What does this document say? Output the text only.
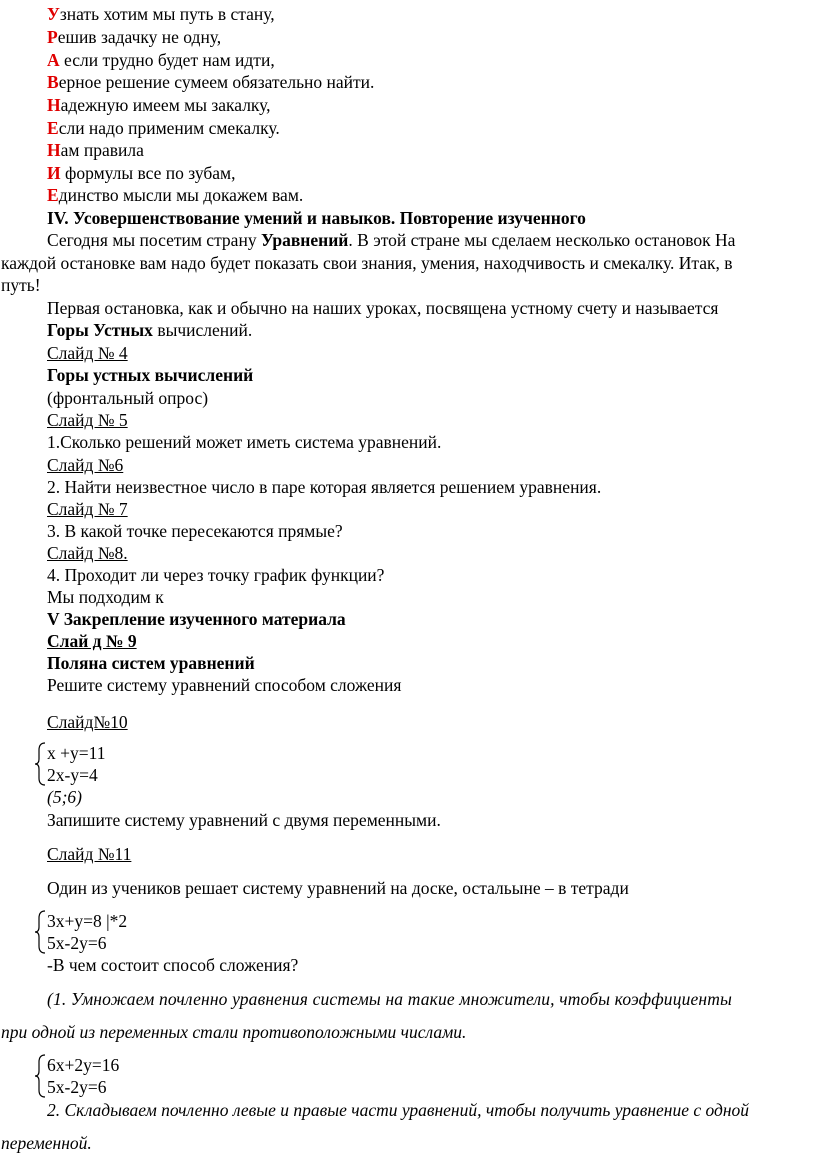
Узнать хотим мы путь в стану,
Решив задачку не одну,
А если трудно будет нам идти,
Верное решение сумеем обязательно найти.
Надежную имеем мы закалку,
Если надо применим смекалку.
Нам правила
И формулы все по зубам,
Единство мысли мы докажем вам.
IV. Усовершенствование умений и навыков. Повторение изученного
Сегодня мы посетим страну Уравнений. В этой стране мы сделаем несколько остановок На
каждой остановке вам надо будет показать свои знания, умения, находчивость и смекалку. Итак, в
путь!
Первая остановка, как и обычно на наших уроках, посвящена устному счету и называется
Горы Устных вычислений.
Слайд № 4
Горы устных вычислений
(фронтальный опрос)
Слайд № 5
1.Сколько решений может иметь система уравнений.
Слайд №6
2. Найти неизвестное число в паре которая является решением уравнения.
Слайд № 7
3. В какой точке пересекаются прямые?
Слайд №8.
4. Проходит ли через точку график функции?
Мы подходим к
V Закрепление изученного материала
Слай д № 9
Поляна систем уравнений
Решите систему уравнений способом сложения
Слайд№10
x +y=11
2x-y=4
(5;6)
Запишите систему уравнений с двумя переменными.
Слайд №11
Один из учеников решает систему уравнений на доске, остальыне – в тетради
3x+y=8 |*2
5x-2y=6
-В чем состоит способ сложения?
(1. Умножаем почленно уравнения системы на такие множители, чтобы коэффициенты
при одной из переменных стали противоположными числами.
6x+2y=16
5x-2y=6
2. Складываем почленно левые и правые части уравнений, чтобы получить уравнение с одной
переменной.
